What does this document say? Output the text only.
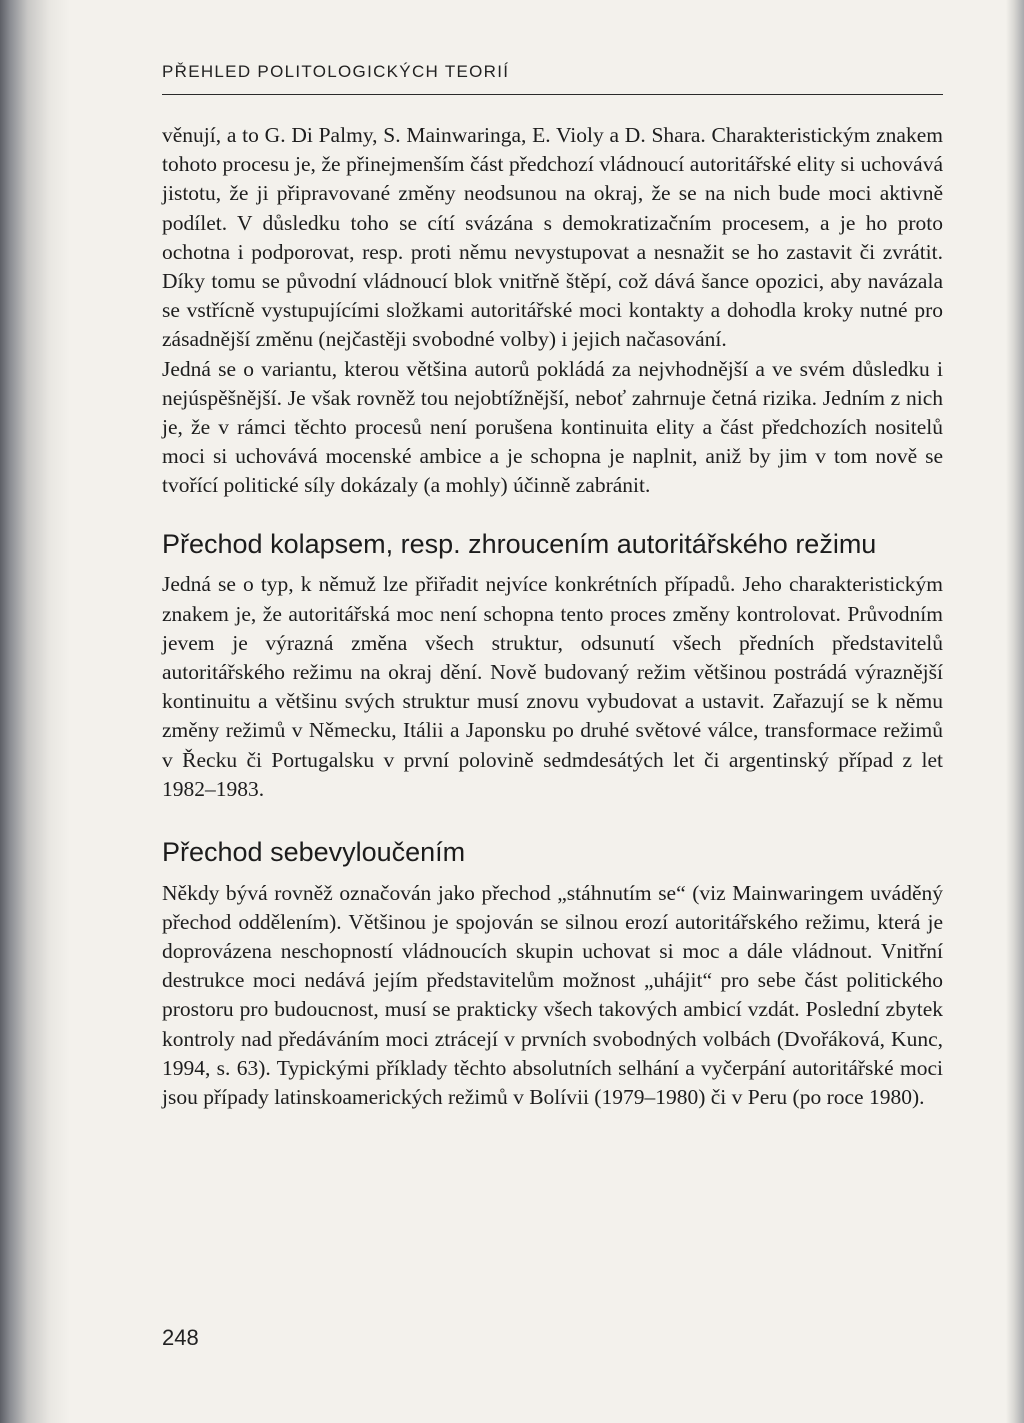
PŘEHLED POLITOLOGICKÝCH TEORIÍ

věnují, a to G. Di Palmy, S. Mainwaringa, E. Violy a D. Shara. Charakteristickým znakem tohoto procesu je, že přinejmenším část předchozí vládnoucí autoritářské elity si uchovává jistotu, že ji připravované změny neodsunou na okraj, že se na nich bude moci aktivně podílet. V důsledku toho se cítí svázána s demokratizačním procesem, a je ho proto ochotna i podporovat, resp. proti němu nevystupovat a nesnažit se ho zastavit či zvrátit. Díky tomu se původní vládnoucí blok vnitřně štěpí, což dává šance opozici, aby navázala se vstřícně vystupujícími složkami autoritářské moci kontakty a dohodla kroky nutné pro zásadnější změnu (nejčastěji svobodné volby) i jejich načasování.

Jedná se o variantu, kterou většina autorů pokládá za nejvhodnější a ve svém důsledku i nejúspěšnější. Je však rovněž tou nejobtížnější, neboť zahrnuje četná rizika. Jedním z nich je, že v rámci těchto procesů není porušena kontinuita elity a část předchozích nositelů moci si uchovává mocenské ambice a je schopna je naplnit, aniž by jim v tom nově se tvořící politické síly dokázaly (a mohly) účinně zabránit.

Přechod kolapsem, resp. zhroucením autoritářského režimu

Jedná se o typ, k němuž lze přiřadit nejvíce konkrétních případů. Jeho charakteristickým znakem je, že autoritářská moc není schopna tento proces změny kontrolovat. Průvodním jevem je výrazná změna všech struktur, odsunutí všech předních představitelů autoritářského režimu na okraj dění. Nově budovaný režim většinou postrádá výraznější kontinuitu a většinu svých struktur musí znovu vybudovat a ustavit. Zařazují se k němu změny režimů v Německu, Itálii a Japonsku po druhé světové válce, transformace režimů v Řecku či Portugalsku v první polovině sedmdesátých let či argentinský případ z let 1982–1983.

Přechod sebevyloučením

Někdy bývá rovněž označován jako přechod „stáhnutím se“ (viz Mainwaringem uváděný přechod oddělením). Většinou je spojován se silnou erozí autoritářského režimu, která je doprovázena neschopností vládnoucích skupin uchovat si moc a dále vládnout. Vnitřní destrukce moci nedává jejím představitelům možnost „uhájit“ pro sebe část politického prostoru pro budoucnost, musí se prakticky všech takových ambicí vzdát. Poslední zbytek kontroly nad předáváním moci ztrácejí v prvních svobodných volbách (Dvořáková, Kunc, 1994, s. 63). Typickými příklady těchto absolutních selhání a vyčerpání autoritářské moci jsou případy latinskoamerických režimů v Bolívii (1979–1980) či v Peru (po roce 1980).

248
